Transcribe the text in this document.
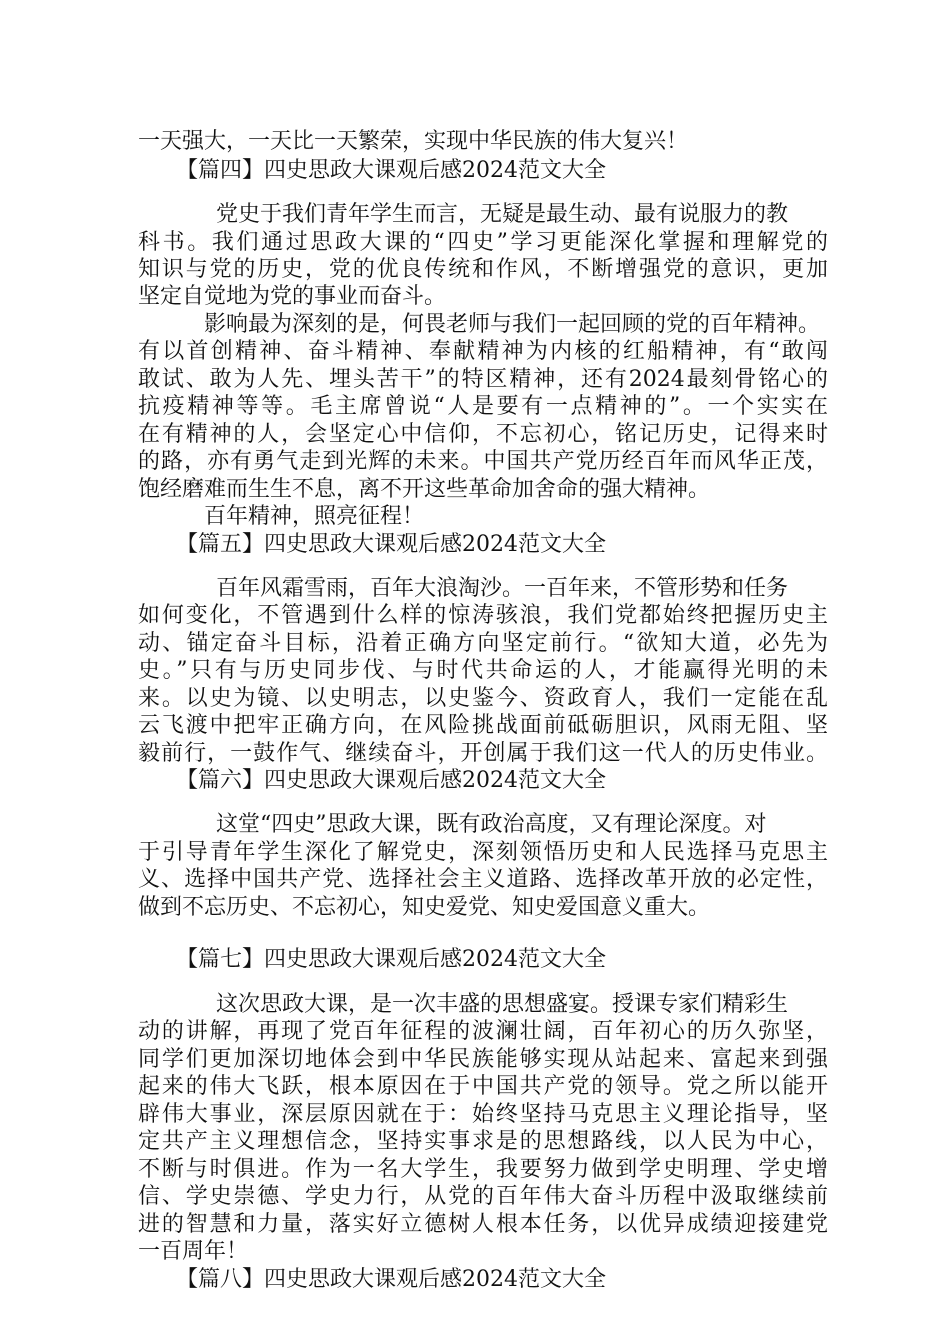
一天强大，一天比一天繁荣，实现中华民族的伟大复兴！
【篇四】四史思政大课观后感2024范文大全
党史于我们青年学生而言，无疑是最生动、最有说服力的教
科书。我们通过思政大课的“四史”学习更能深化掌握和理解党的
知识与党的历史，党的优良传统和作风，不断增强党的意识，更加
坚定自觉地为党的事业而奋斗。
影响最为深刻的是，何畏老师与我们一起回顾的党的百年精神。
有以首创精神、奋斗精神、奉献精神为内核的红船精神，有“敢闯
敢试、敢为人先、埋头苦干”的特区精神，还有2024最刻骨铭心的
抗疫精神等等。毛主席曾说“人是要有一点精神的”。一个实实在
在有精神的人，会坚定心中信仰，不忘初心，铭记历史，记得来时
的路，亦有勇气走到光辉的未来。中国共产党历经百年而风华正茂，
饱经磨难而生生不息，离不开这些革命加舍命的强大精神。
百年精神，照亮征程！
【篇五】四史思政大课观后感2024范文大全
百年风霜雪雨，百年大浪淘沙。一百年来，不管形势和任务
如何变化，不管遇到什么样的惊涛骇浪，我们党都始终把握历史主
动、锚定奋斗目标，沿着正确方向坚定前行。“欲知大道，必先为
史。”只有与历史同步伐、与时代共命运的人，才能赢得光明的未
来。以史为镜、以史明志，以史鉴今、资政育人，我们一定能在乱
云飞渡中把牢正确方向，在风险挑战面前砥砺胆识，风雨无阻、坚
毅前行，一鼓作气、继续奋斗，开创属于我们这一代人的历史伟业。
【篇六】四史思政大课观后感2024范文大全
这堂“四史”思政大课，既有政治高度，又有理论深度。对
于引导青年学生深化了解党史，深刻领悟历史和人民选择马克思主
义、选择中国共产党、选择社会主义道路、选择改革开放的必定性，
做到不忘历史、不忘初心，知史爱党、知史爱国意义重大。
【篇七】四史思政大课观后感2024范文大全
这次思政大课，是一次丰盛的思想盛宴。授课专家们精彩生
动的讲解，再现了党百年征程的波澜壮阔，百年初心的历久弥坚，
同学们更加深切地体会到中华民族能够实现从站起来、富起来到强
起来的伟大飞跃，根本原因在于中国共产党的领导。党之所以能开
辟伟大事业，深层原因就在于：始终坚持马克思主义理论指导，坚
定共产主义理想信念，坚持实事求是的思想路线，以人民为中心，
不断与时俱进。作为一名大学生，我要努力做到学史明理、学史增
信、学史崇德、学史力行，从党的百年伟大奋斗历程中汲取继续前
进的智慧和力量，落实好立德树人根本任务，以优异成绩迎接建党
一百周年！
【篇八】四史思政大课观后感2024范文大全
